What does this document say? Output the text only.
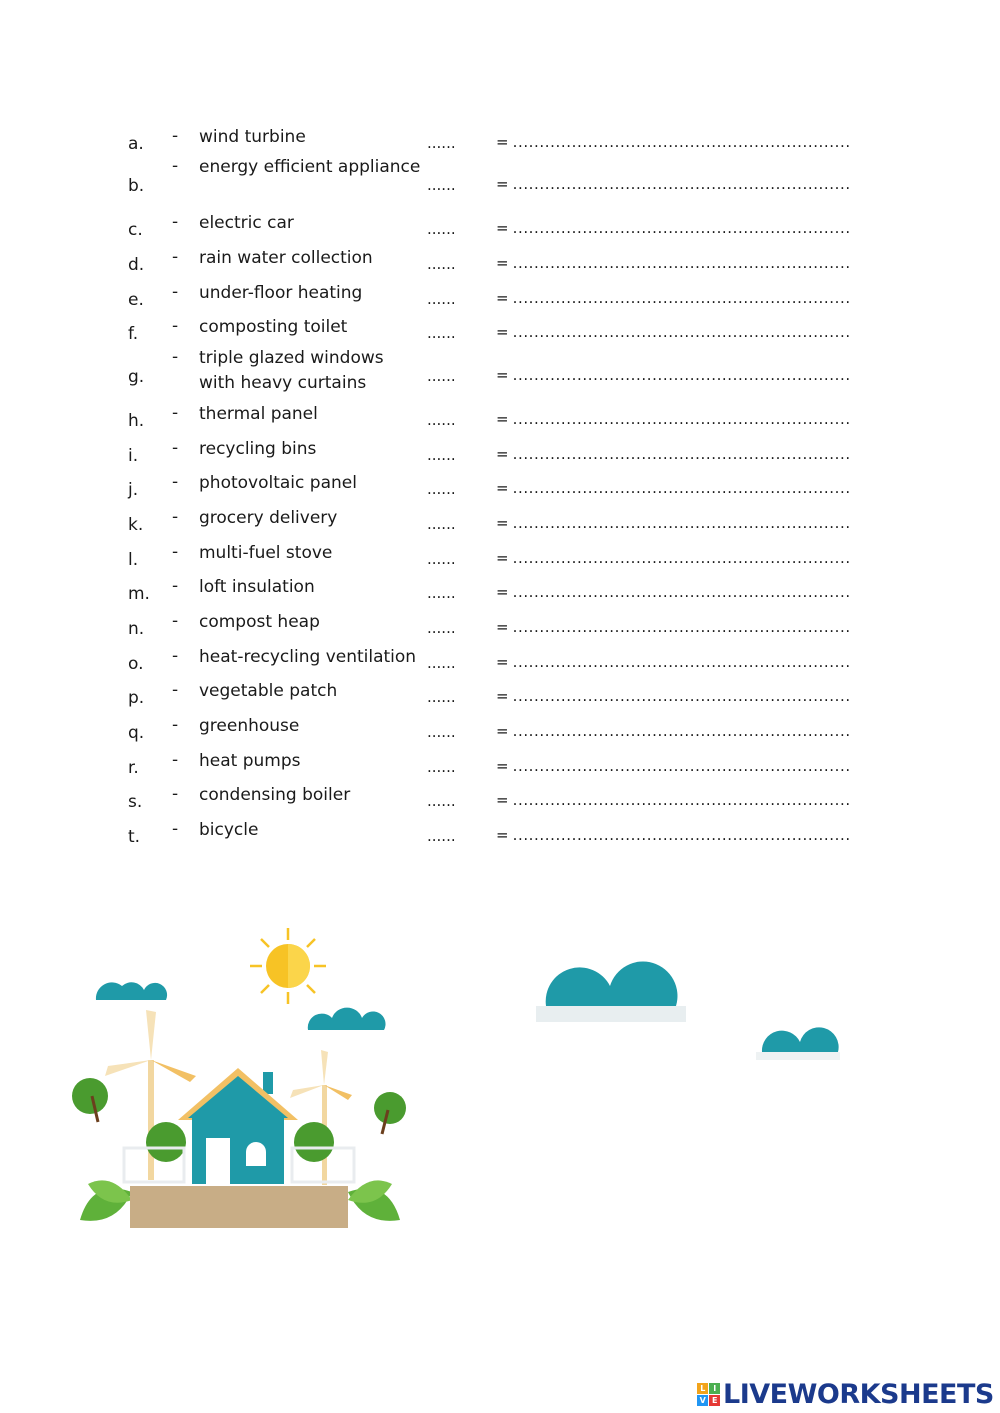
a. - wind turbine	......	= ...............................................................
b.
- energy efficient appliance
......	= ...............................................................
c. - electric car	......	= ...............................................................
d. - rain water collection	......	= ...............................................................
e. - under-floor heating	......	= ...............................................................
f. - composting toilet	......	= ...............................................................
g.
- triple glazed windows with heavy curtains	......	= ...............................................................
h. - thermal panel	......	= ...............................................................
i. - recycling bins	......	= ...............................................................
j. - photovoltaic panel	......	= ...............................................................
k. - grocery delivery	......	= ...............................................................
l. - multi-fuel stove	......	= ...............................................................
m. - loft insulation	......	= ...............................................................
n. - compost heap	......	= ...............................................................
o. - heat-recycling ventilation ......	= ...............................................................
p. - vegetable patch	......	= ...............................................................
q. - greenhouse	......	= ...............................................................
r. - heat pumps	......	= ...............................................................
s. - condensing boiler	......	= ...............................................................
t. - bicycle	......	= ...............................................................
L	I
V E LIVEWORKSHEETS
